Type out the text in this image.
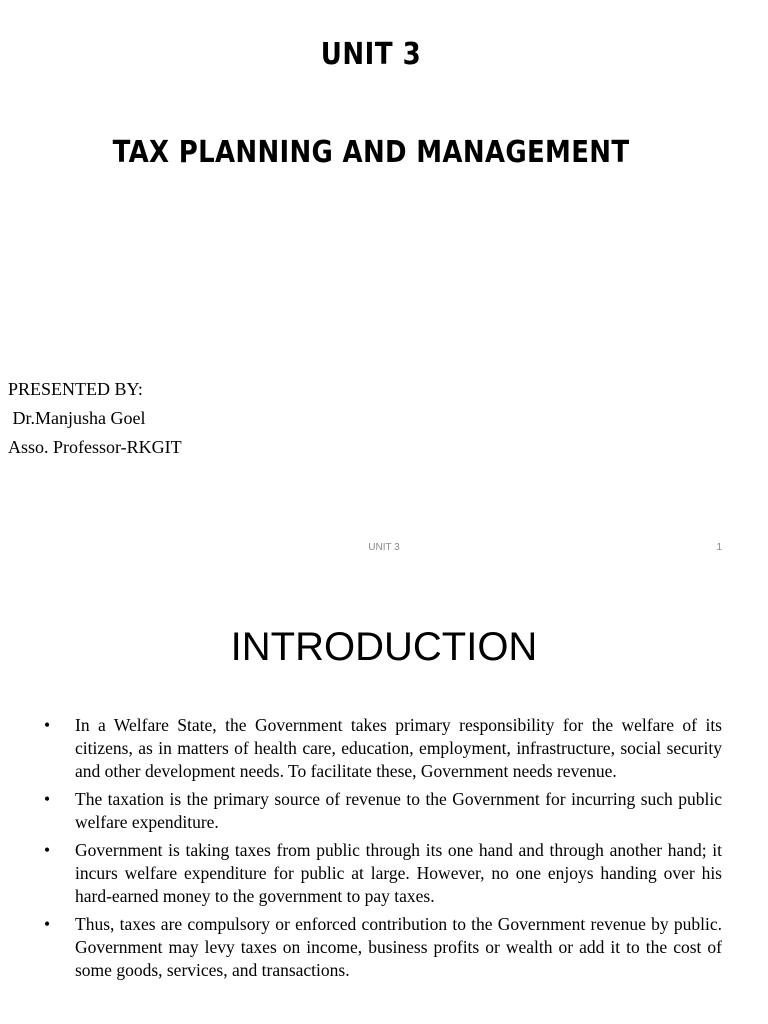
UNIT 3
TAX PLANNING AND MANAGEMENT
PRESENTED BY:
Dr.Manjusha Goel
Asso. Professor-RKGIT
UNIT 3	1
INTRODUCTION
• In a Welfare State, the Government takes primary responsibility for the welfare of its citizens, as in matters of health care, education, employment, infrastructure, social security and other development needs. To facilitate these, Government needs revenue.
• The taxation is the primary source of revenue to the Government for incurring such public welfare expenditure.
• Government is taking taxes from public through its one hand and through another hand; it incurs welfare expenditure for public at large. However, no one enjoys handing over his hard-earned money to the government to pay taxes.
• Thus, taxes are compulsory or enforced contribution to the Government revenue by public. Government may levy taxes on income, business profits or wealth or add it to the cost of some goods, services, and transactions.
